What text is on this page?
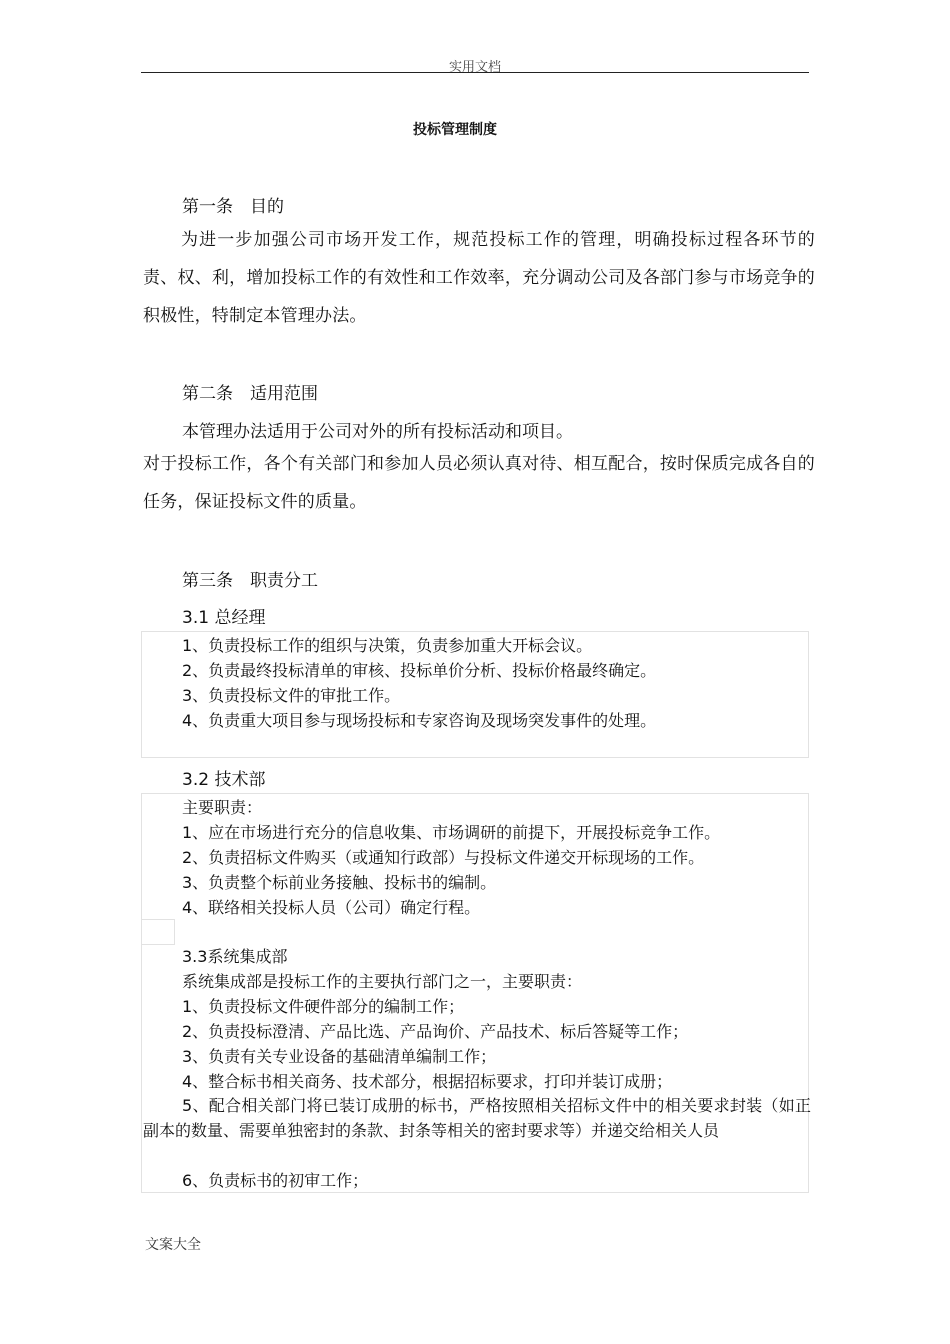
实用文档
投标管理制度
第一条　目的

为进一步加强公司市场开发工作，规范投标工作的管理，明确投标过程各环节的责、权、利，增加投标工作的有效性和工作效率，充分调动公司及各部门参与市场竞争的积极性，特制定本管理办法。

第二条　适用范围
本管理办法适用于公司对外的所有投标活动和项目。

对于投标工作，各个有关部门和参加人员必须认真对待、相互配合，按时保质完成各自的任务，保证投标文件的质量。

第三条　职责分工
3.1 总经理
1、负责投标工作的组织与决策，负责参加重大开标会议。
2、负责最终投标清单的审核、投标单价分析、投标价格最终确定。
3、负责投标文件的审批工作。
4、负责重大项目参与现场投标和专家咨询及现场突发事件的处理。
3.2 技术部
主要职责：
1、应在市场进行充分的信息收集、市场调研的前提下，开展投标竞争工作。
2、负责招标文件购买（或通知行政部）与投标文件递交开标现场的工作。
3、负责整个标前业务接触、投标书的编制。
4、联络相关投标人员（公司）确定行程。
3.3系统集成部
系统集成部是投标工作的主要执行部门之一，主要职责：
1、负责投标文件硬件部分的编制工作；
2、负责投标澄清、产品比选、产品询价、产品技术、标后答疑等工作；
3、负责有关专业设备的基础清单编制工作；
4、整合标书相关商务、技术部分，根据招标要求，打印并装订成册；

5、配合相关部门将已装订成册的标书，严格按照相关招标文件中的相关要求封装（如正副本的数量、需要单独密封的条款、封条等相关的密封要求等）并递交给相关人员

6、负责标书的初审工作；
文案大全
